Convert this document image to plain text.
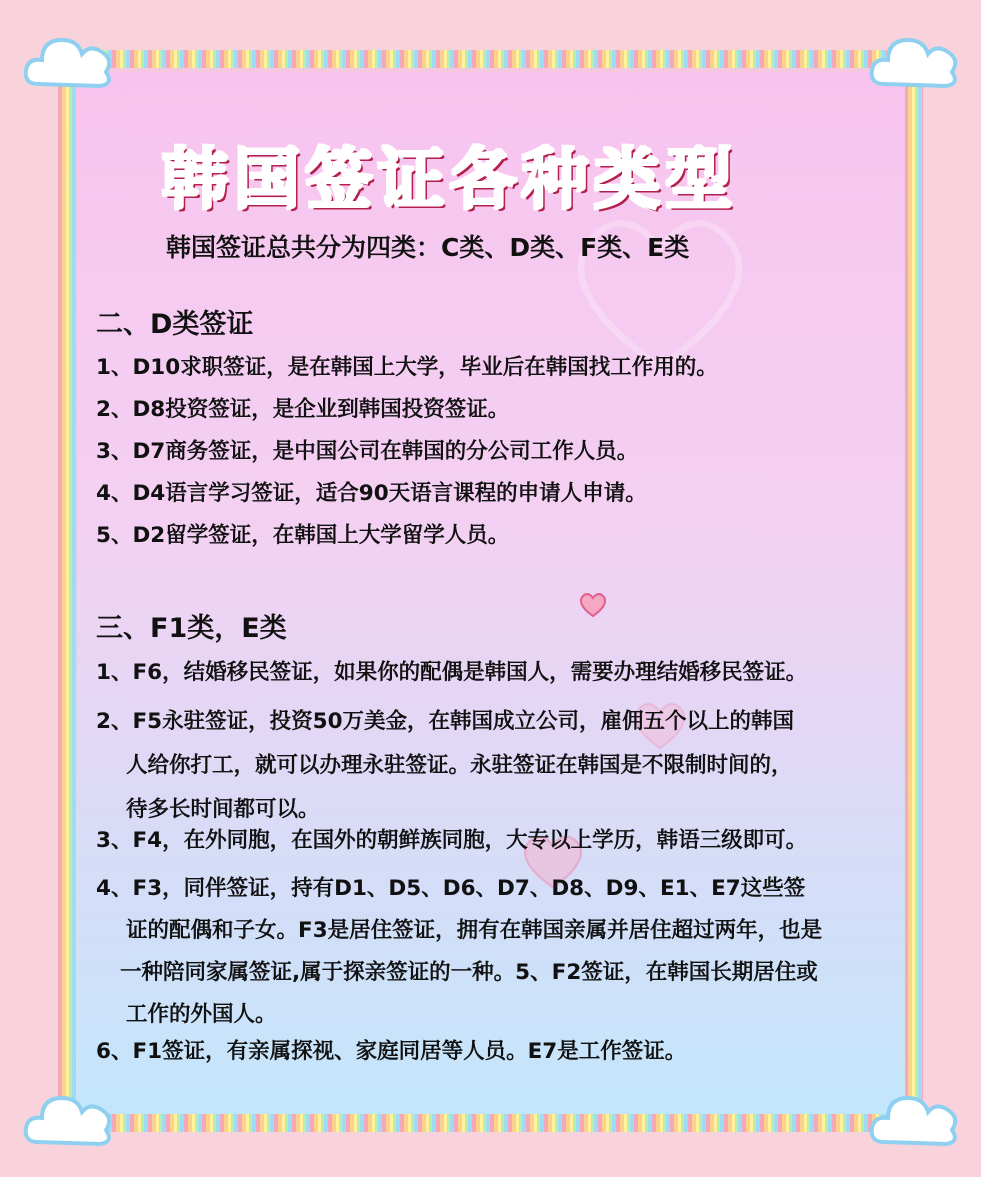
韩国签证各种类型
韩国签证总共分为四类：C类、D类、F类、E类
二、D类签证
1、D10求职签证，是在韩国上大学，毕业后在韩国找工作用的。
2、D8投资签证，是企业到韩国投资签证。
3、D7商务签证，是中国公司在韩国的分公司工作人员。
4、D4语言学习签证，适合90天语言课程的申请人申请。
5、D2留学签证，在韩国上大学留学人员。
三、F1类，E类
1、F6，结婚移民签证，如果你的配偶是韩国人，需要办理结婚移民签证。
2、F5永驻签证，投资50万美金，在韩国成立公司，雇佣五个以上的韩国
人给你打工，就可以办理永驻签证。永驻签证在韩国是不限制时间的，
待多长时间都可以。
3、F4，在外同胞，在国外的朝鲜族同胞，大专以上学历，韩语三级即可。
4、F3，同伴签证，持有D1、D5、D6、D7、D8、D9、E1、E7这些签
证的配偶和子女。F3是居住签证，拥有在韩国亲属并居住超过两年，也是
一种陪同家属签证,属于探亲签证的一种。5、F2签证，在韩国长期居住或
工作的外国人。
6、F1签证，有亲属探视、家庭同居等人员。E7是工作签证。
